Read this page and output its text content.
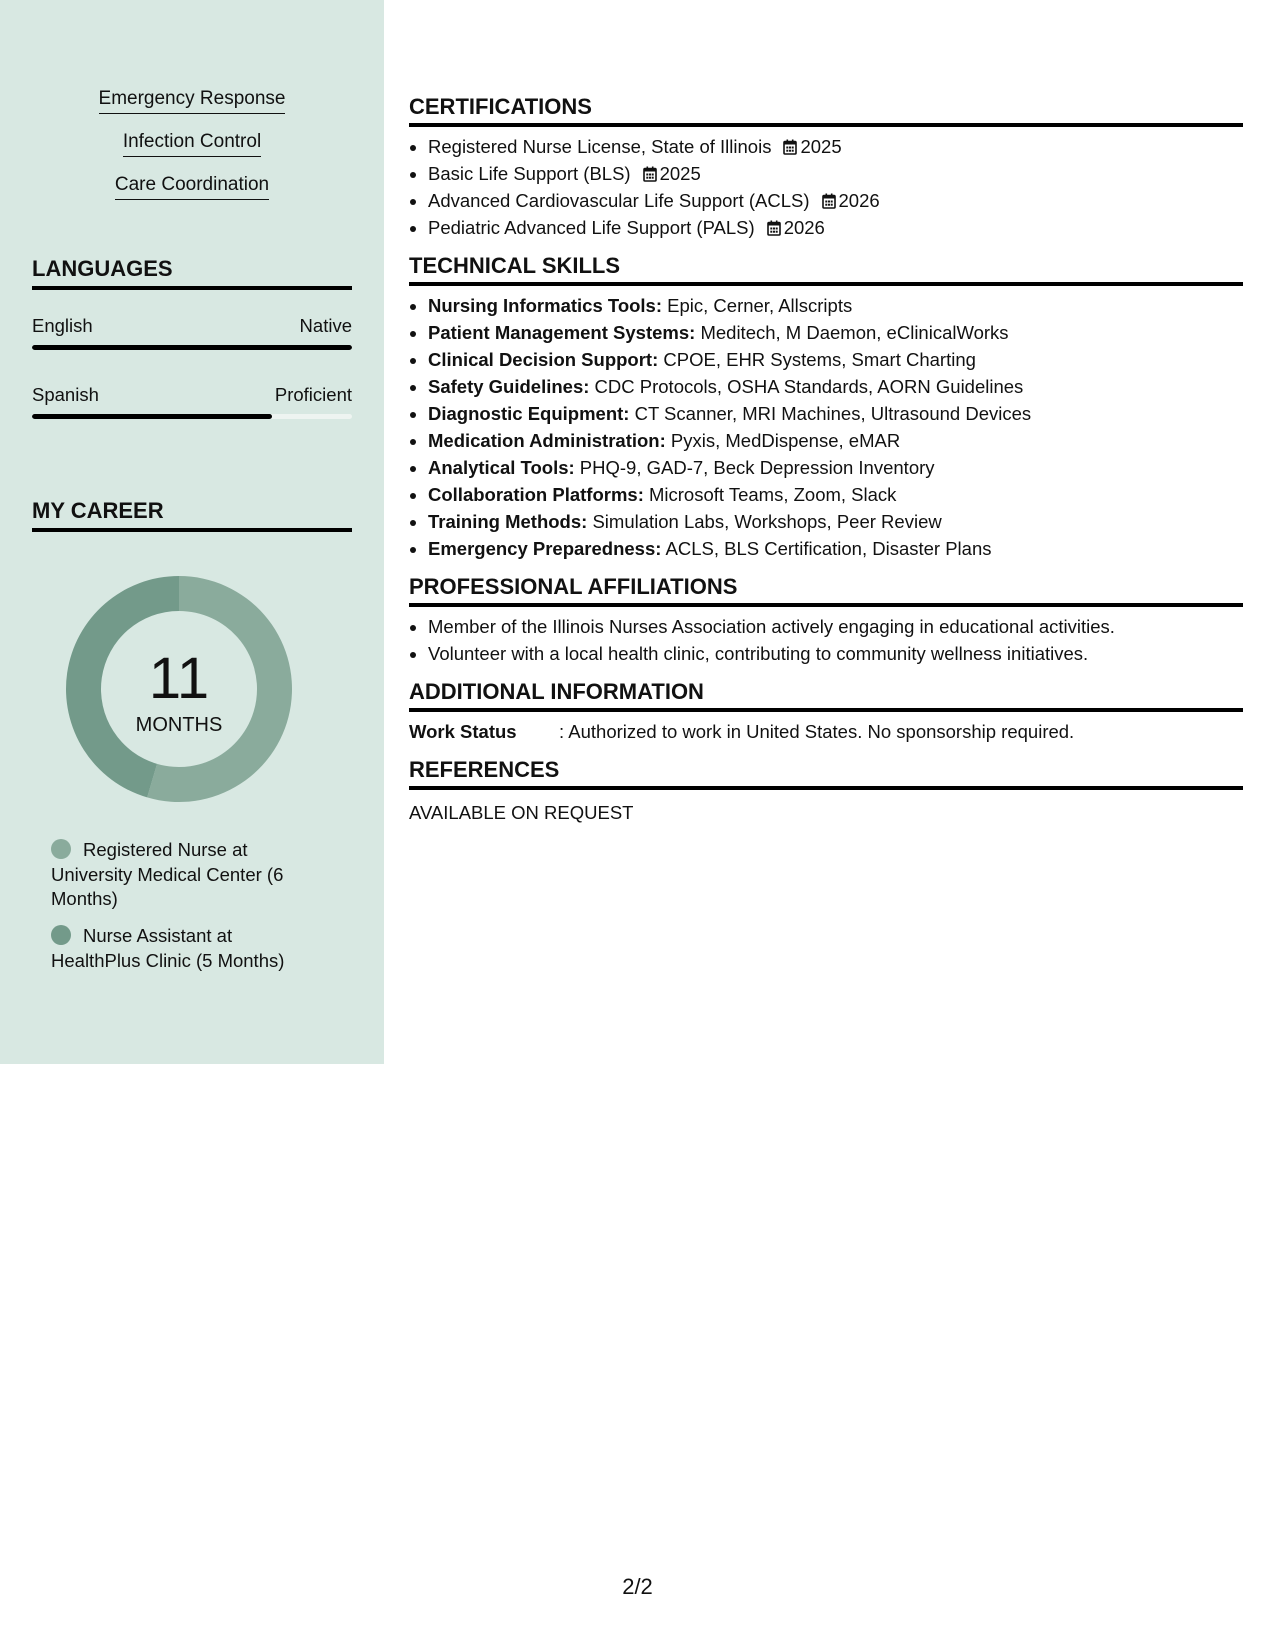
Emergency Response
Infection Control
Care Coordination
LANGUAGES
English	Native
Spanish	Proficient
MY CAREER
11
MONTHS
Registered Nurse at University Medical Center (6 Months)
Nurse Assistant at HealthPlus Clinic (5 Months)
CERTIFICATIONS
• Registered Nurse License, State of Illinois 2025
• Basic Life Support (BLS) 2025
• Advanced Cardiovascular Life Support (ACLS) 2026
• Pediatric Advanced Life Support (PALS) 2026
TECHNICAL SKILLS
• Nursing Informatics Tools: Epic, Cerner, Allscripts
• Patient Management Systems: Meditech, M Daemon, eClinicalWorks
• Clinical Decision Support: CPOE, EHR Systems, Smart Charting
• Safety Guidelines: CDC Protocols, OSHA Standards, AORN Guidelines
• Diagnostic Equipment: CT Scanner, MRI Machines, Ultrasound Devices
• Medication Administration: Pyxis, MedDispense, eMAR
• Analytical Tools: PHQ-9, GAD-7, Beck Depression Inventory
• Collaboration Platforms: Microsoft Teams, Zoom, Slack
• Training Methods: Simulation Labs, Workshops, Peer Review
• Emergency Preparedness: ACLS, BLS Certification, Disaster Plans
PROFESSIONAL AFFILIATIONS
• Member of the Illinois Nurses Association actively engaging in educational activities.
• Volunteer with a local health clinic, contributing to community wellness initiatives.
ADDITIONAL INFORMATION
Work Status	: Authorized to work in United States. No sponsorship required.
REFERENCES
AVAILABLE ON REQUEST
2/2
